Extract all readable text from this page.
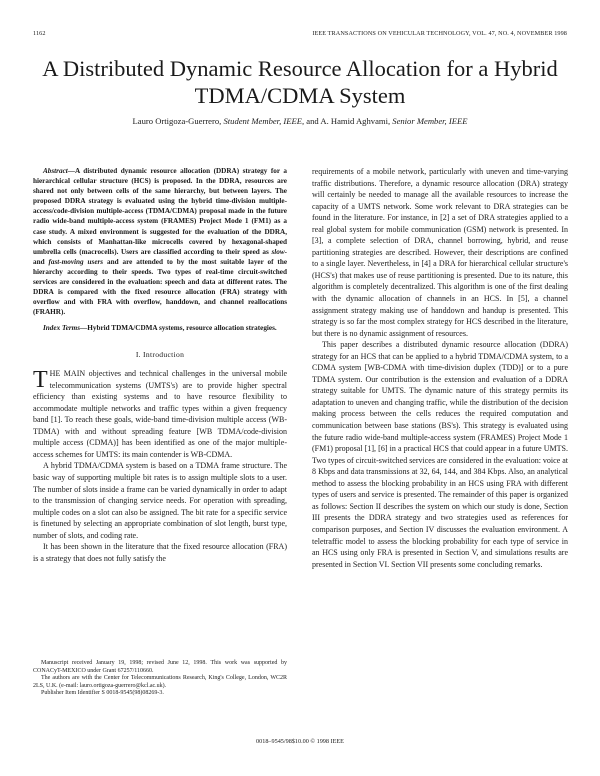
1162	IEEE TRANSACTIONS ON VEHICULAR TECHNOLOGY, VOL. 47, NO. 4, NOVEMBER 1998
A Distributed Dynamic Resource Allocation for a Hybrid TDMA/CDMA System
Lauro Ortigoza-Guerrero, Student Member, IEEE, and A. Hamid Aghvami, Senior Member, IEEE

Abstract—A distributed dynamic resource allocation (DDRA) strategy for a hierarchical cellular structure (HCS) is proposed. In the DDRA, resources are shared not only between cells of the same hierarchy, but between layers. The proposed DDRA strategy is evaluated using the hybrid time-division multiple-access/code-division multiple-access (TDMA/CDMA) proposal made in the future radio wide-band multiple-access system (FRAMES) Project Mode 1 (FM1) as a case study. A mixed environment is suggested for the evaluation of the DDRA, which consists of Manhattan-like microcells covered by hexagonal-shaped umbrella cells (macrocells). Users are classified according to their speed as slow- and fast-moving users and are attended to by the most suitable layer of the hierarchy according to their speeds. Two types of real-time circuit-switched services are considered in the evaluation: speech and data at different rates. The DDRA is compared with the fixed resource allocation (FRA) strategy with overflow and with FRA with overflow, handdown, and channel reallocations (FRAHR).

Index Terms—Hybrid TDMA/CDMA systems, resource allocation strategies.

I. Introduction

THE MAIN objectives and technical challenges in the universal mobile telecommunication systems (UMTS's) are to provide higher spectral efficiency than existing systems and to have resource flexibility to accommodate multiple networks and traffic types within a given frequency band [1]. To reach these goals, wide-band time-division multiple access (WB-TDMA) with and without spreading feature [WB TDMA/code-division multiple access (CDMA)] has been identified as one of the major multiple-access schemes for UMTS: its main contender is WB-CDMA.

A hybrid TDMA/CDMA system is based on a TDMA frame structure. The basic way of supporting multiple bit rates is to assign multiple slots to a user. The number of slots inside a frame can be varied dynamically in order to adapt to the transmission of changing service needs. For operation with spreading, multiple codes on a slot can also be assigned. The bit rate for a specific service is finetuned by selecting an appropriate combination of slot length, burst type, number of slots, and coding rate.

It has been shown in the literature that the fixed resource allocation (FRA) is a strategy that does not fully satisfy the

Manuscript received January 19, 1998; revised June 12, 1998. This work was supported by CONACyT-MEXICO under Grant 67257/110660.

The authors are with the Center for Telecommunications Research, King's College, London, WC2R 2LS, U.K. (e-mail: lauro.ortigoza-guerrero@kcl.ac.uk).

Publisher Item Identifier S 0018-9545(98)08269-3.

requirements of a mobile network, particularly with uneven and time-varying traffic distributions. Therefore, a dynamic resource allocation (DRA) strategy will certainly be needed to manage all the available resources to increase the capacity of a UMTS network. Some work relevant to DRA strategies can be found in the literature. For instance, in [2] a set of DRA strategies applied to a real global system for mobile communication (GSM) network is presented. In [3], a complete selection of DRA, channel borrowing, hybrid, and reuse partitioning strategies are described. However, their descriptions are confined to a single layer. Nevertheless, in [4] a DRA for hierarchical cellular structure's (HCS's) that makes use of reuse partitioning is presented. Due to its nature, this algorithm is completely decentralized. This algorithm is one of the first dealing with the dynamic allocation of channels in an HCS. In [5], a channel assignment strategy making use of handdown and handup is presented. This strategy is so far the most complex strategy for HCS described in the literature, but there is no dynamic assignment of resources.

This paper describes a distributed dynamic resource allocation (DDRA) strategy for an HCS that can be applied to a hybrid TDMA/CDMA system, to a CDMA system [WB-CDMA with time-division duplex (TDD)] or to a pure TDMA system. Our contribution is the extension and evaluation of a DDRA strategy suitable for UMTS. The dynamic nature of this strategy permits its adaptation to uneven and changing traffic, while the distribution of the decision making process between the cells reduces the required computation and communication between base stations (BS's). This strategy is evaluated using the future radio wide-band multiple-access system (FRAMES) Project Mode 1 (FM1) proposal [1], [6] in a practical HCS that could appear in a future UMTS. Two types of circuit-switched services are considered in the evaluation: voice at 8 Kbps and data transmissions at 32, 64, 144, and 384 Kbps. Also, an analytical method to assess the blocking probability in an HCS using FRA with different types of users and service is presented. The remainder of this paper is organized as follows: Section II describes the system on which our study is done, Section III presents the DDRA strategy and two strategies used as references for comparison purposes, and Section IV discusses the evaluation environment. A teletraffic model to assess the blocking probability for each type of service in an HCS using only FRA is presented in Section V, and simulations results are presented in Section VI. Section VII presents some concluding remarks.

0018–9545/98$10.00 © 1998 IEEE
